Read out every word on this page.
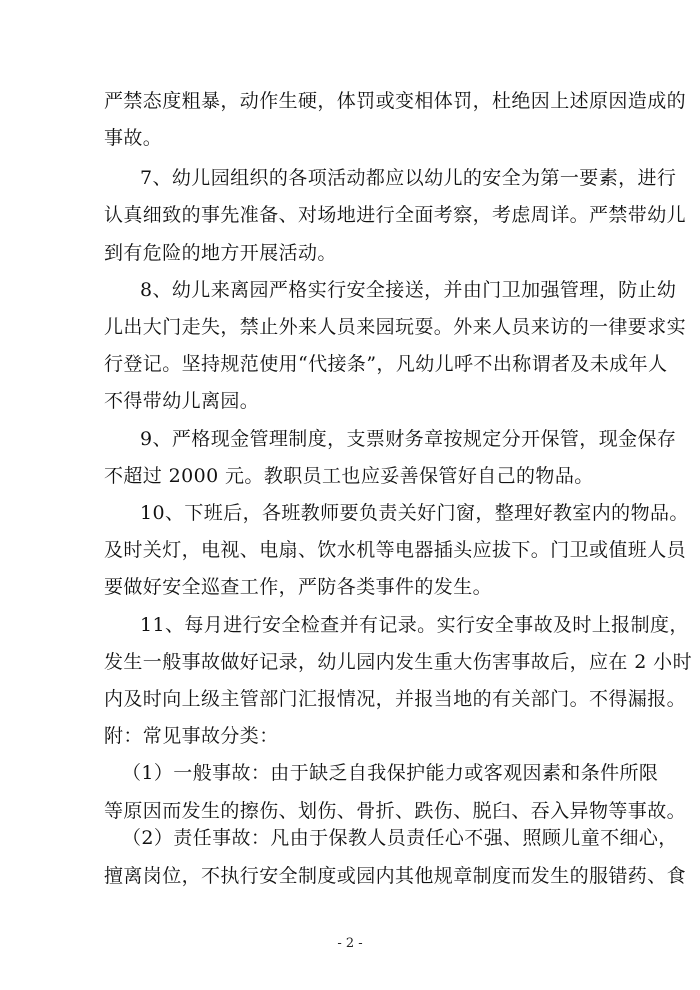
严禁态度粗暴，动作生硬，体罚或变相体罚，杜绝因上述原因造成的
事故。
7、幼儿园组织的各项活动都应以幼儿的安全为第一要素，进行
认真细致的事先准备、对场地进行全面考察，考虑周详。严禁带幼儿
到有危险的地方开展活动。
8、幼儿来离园严格实行安全接送，并由门卫加强管理，防止幼
儿出大门走失，禁止外来人员来园玩耍。外来人员来访的一律要求实
行登记。坚持规范使用“代接条”，凡幼儿呼不出称谓者及未成年人
不得带幼儿离园。
9、严格现金管理制度，支票财务章按规定分开保管，现金保存
不超过 2000 元。教职员工也应妥善保管好自己的物品。
10、下班后，各班教师要负责关好门窗，整理好教室内的物品。
及时关灯，电视、电扇、饮水机等电器插头应拔下。门卫或值班人员
要做好安全巡查工作，严防各类事件的发生。
11、每月进行安全检查并有记录。实行安全事故及时上报制度，
发生一般事故做好记录，幼儿园内发生重大伤害事故后，应在 2 小时
内及时向上级主管部门汇报情况，并报当地的有关部门。不得漏报。
附：常见事故分类：
（1）一般事故：由于缺乏自我保护能力或客观因素和条件所限
等原因而发生的擦伤、划伤、骨折、跌伤、脱臼、吞入异物等事故。
（2）责任事故：凡由于保教人员责任心不强、照顾儿童不细心，
- 2 -
擅离岗位，不执行安全制度或园内其他规章制度而发生的服错药、食
